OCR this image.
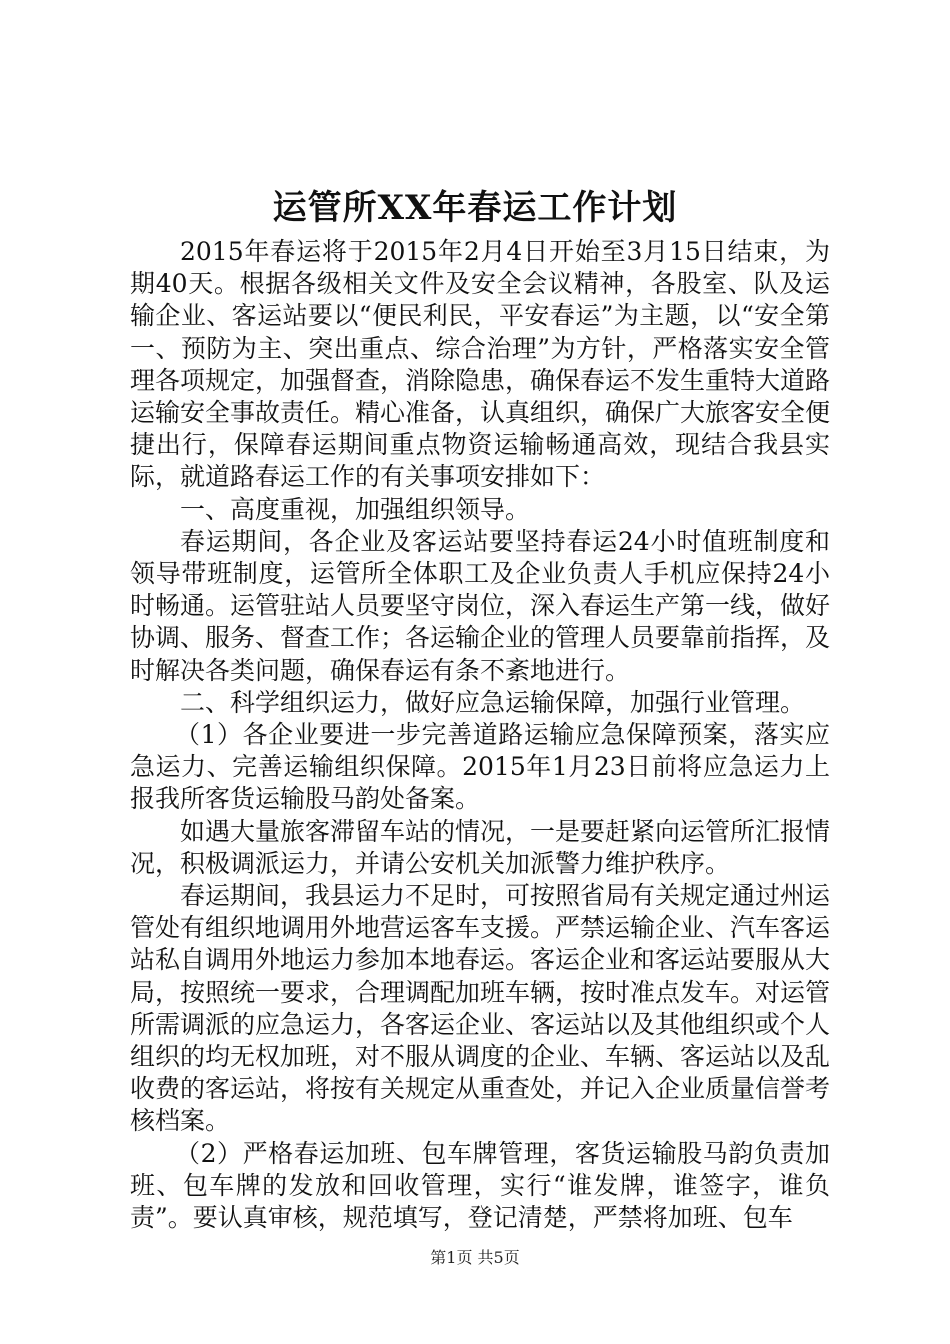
运管所XX年春运工作计划

2015年春运将于2015年2月4日开始至3月15日结束，为期40天。根据各级相关文件及安全会议精神，各股室、队及运输企业、客运站要以“便民利民，平安春运”为主题，以“安全第一、预防为主、突出重点、综合治理”为方针，严格落实安全管理各项规定，加强督查，消除隐患，确保春运不发生重特大道路运输安全事故责任。精心准备，认真组织，确保广大旅客安全便捷出行，保障春运期间重点物资运输畅通高效，现结合我县实际，就道路春运工作的有关事项安排如下：

一、高度重视，加强组织领导。

春运期间，各企业及客运站要坚持春运24小时值班制度和领导带班制度，运管所全体职工及企业负责人手机应保持24小时畅通。运管驻站人员要坚守岗位，深入春运生产第一线，做好协调、服务、督查工作；各运输企业的管理人员要靠前指挥，及时解决各类问题，确保春运有条不紊地进行。

二、科学组织运力，做好应急运输保障，加强行业管理。

（1）各企业要进一步完善道路运输应急保障预案，落实应急运力、完善运输组织保障。2015年1月23日前将应急运力上报我所客货运输股马韵处备案。

如遇大量旅客滞留车站的情况，一是要赶紧向运管所汇报情况，积极调派运力，并请公安机关加派警力维护秩序。

春运期间，我县运力不足时，可按照省局有关规定通过州运管处有组织地调用外地营运客车支援。严禁运输企业、汽车客运站私自调用外地运力参加本地春运。客运企业和客运站要服从大局，按照统一要求，合理调配加班车辆，按时准点发车。对运管所需调派的应急运力，各客运企业、客运站以及其他组织或个人组织的均无权加班，对不服从调度的企业、车辆、客运站以及乱收费的客运站，将按有关规定从重查处，并记入企业质量信誉考核档案。

（2）严格春运加班、包车牌管理，客货运输股马韵负责加班、包车牌的发放和回收管理，实行“谁发牌，谁签字，谁负责”。要认真审核，规范填写，登记清楚，严禁将加班、包车

第1页 共5页
